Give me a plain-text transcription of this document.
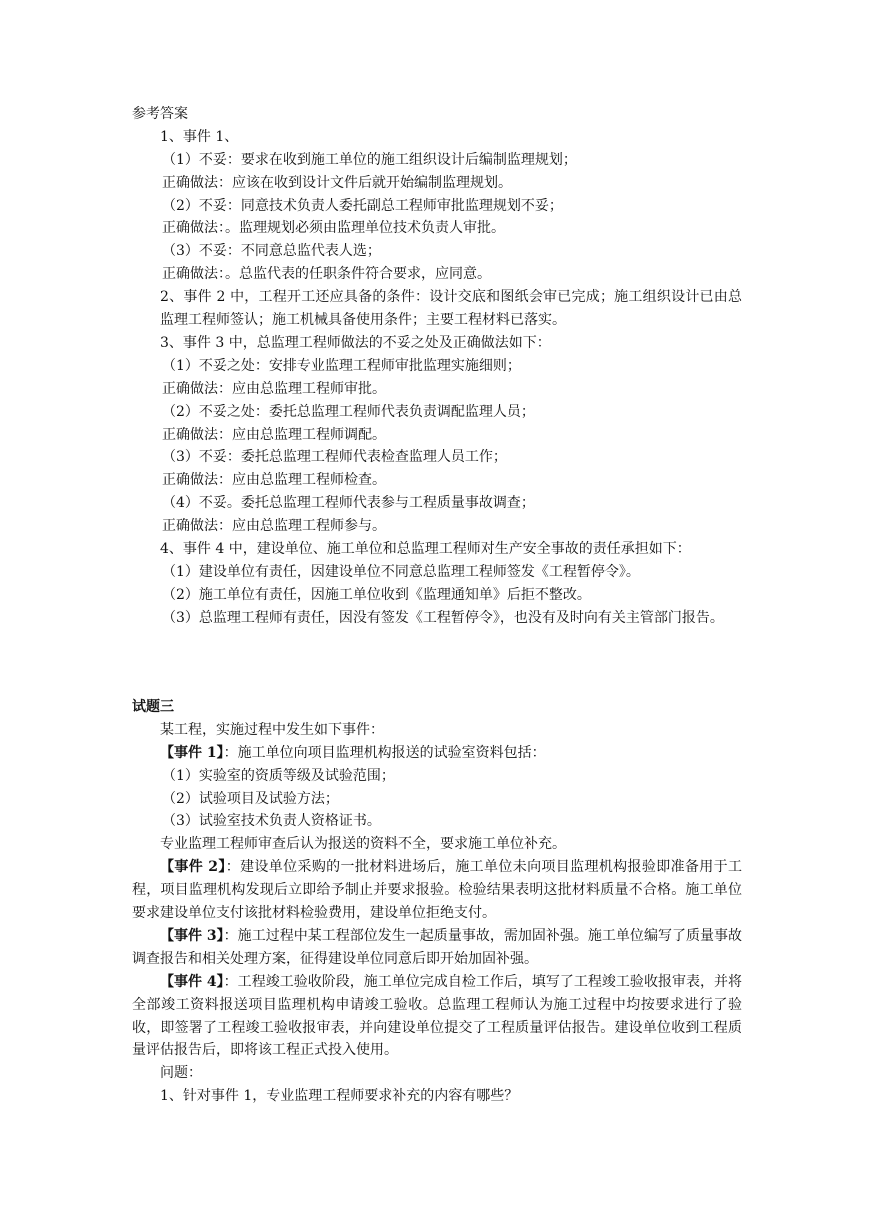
参考答案
1、事件 1、
（1）不妥：要求在收到施工单位的施工组织设计后编制监理规划；
正确做法：应该在收到设计文件后就开始编制监理规划。
（2）不妥：同意技术负责人委托副总工程师审批监理规划不妥；
正确做法：。监理规划必须由监理单位技术负责人审批。
（3）不妥：不同意总监代表人选；
正确做法：。总监代表的任职条件符合要求，应同意。
2、事件 2 中，工程开工还应具备的条件：设计交底和图纸会审已完成；施工组织设计已由总监理工程师签认；施工机械具备使用条件；主要工程材料已落实。
3、事件 3 中，总监理工程师做法的不妥之处及正确做法如下：
（1）不妥之处：安排专业监理工程师审批监理实施细则；
正确做法：应由总监理工程师审批。
（2）不妥之处：委托总监理工程师代表负责调配监理人员；
正确做法：应由总监理工程师调配。
（3）不妥：委托总监理工程师代表检查监理人员工作；
正确做法：应由总监理工程师检查。
（4）不妥。委托总监理工程师代表参与工程质量事故调查；
正确做法：应由总监理工程师参与。
4、事件 4 中，建设单位、施工单位和总监理工程师对生产安全事故的责任承担如下：
（1）建设单位有责任，因建设单位不同意总监理工程师签发《工程暂停令》。
（2）施工单位有责任，因施工单位收到《监理通知单》后拒不整改。
（3）总监理工程师有责任，因没有签发《工程暂停令》，也没有及时向有关主管部门报告。
试题三
某工程，实施过程中发生如下事件：
【事件 1】：施工单位向项目监理机构报送的试验室资料包括：
（1）实验室的资质等级及试验范围；
（2）试验项目及试验方法；
（3）试验室技术负责人资格证书。
专业监理工程师审查后认为报送的资料不全，要求施工单位补充。
【事件 2】：建设单位采购的一批材料进场后，施工单位未向项目监理机构报验即准备用于工程，项目监理机构发现后立即给予制止并要求报验。检验结果表明这批材料质量不合格。施工单位要求建设单位支付该批材料检验费用，建设单位拒绝支付。
【事件 3】：施工过程中某工程部位发生一起质量事故，需加固补强。施工单位编写了质量事故调查报告和相关处理方案，征得建设单位同意后即开始加固补强。
【事件 4】：工程竣工验收阶段，施工单位完成自检工作后，填写了工程竣工验收报审表，并将全部竣工资料报送项目监理机构申请竣工验收。总监理工程师认为施工过程中均按要求进行了验收，即签署了工程竣工验收报审表，并向建设单位提交了工程质量评估报告。建设单位收到工程质量评估报告后，即将该工程正式投入使用。
问题：
1、针对事件 1，专业监理工程师要求补充的内容有哪些？
